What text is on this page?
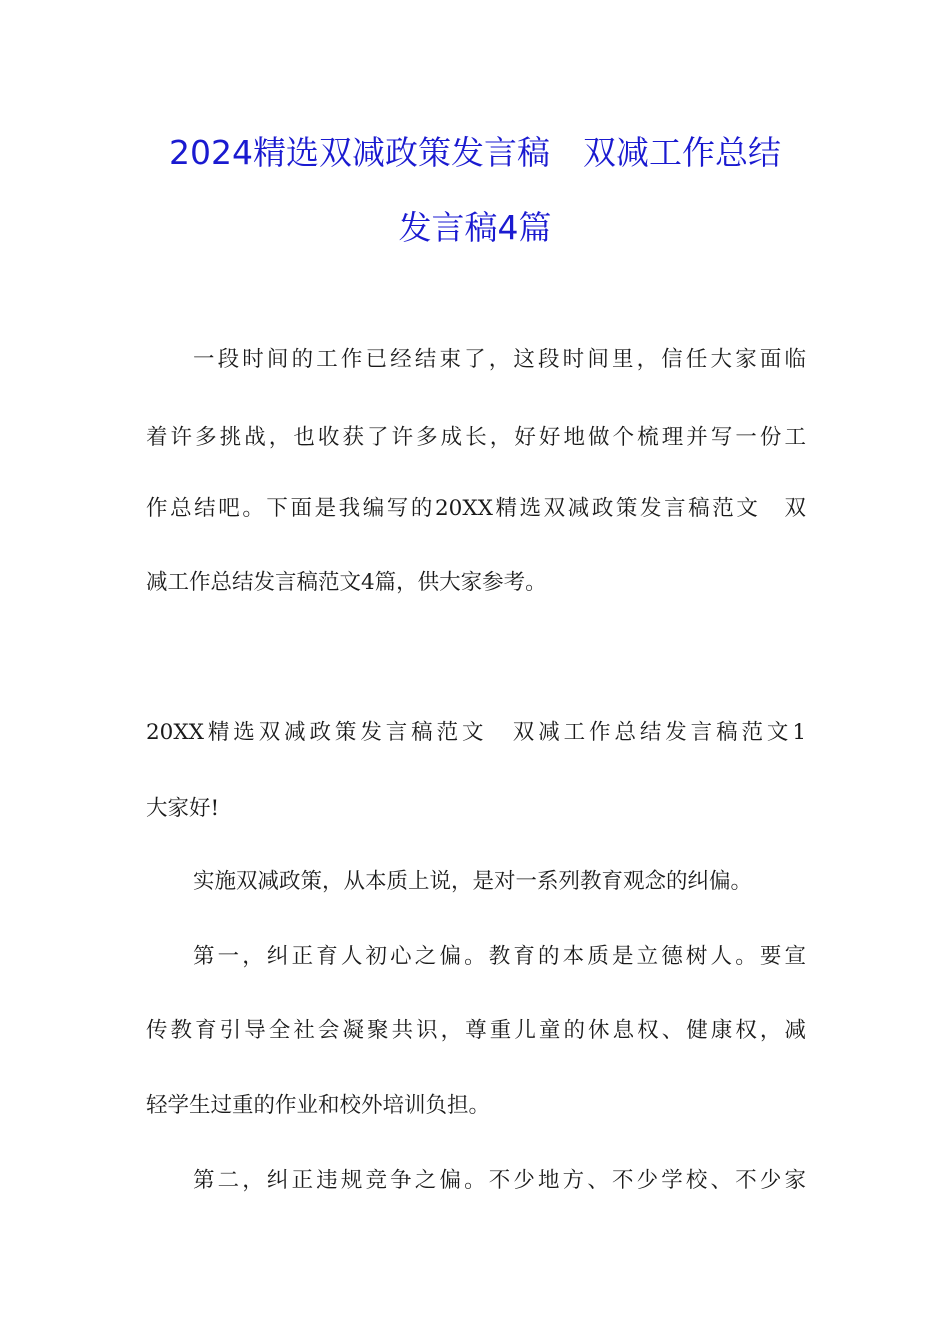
2024精选双减政策发言稿　双减工作总结
发言稿4篇
一段时间的工作已经结束了，这段时间里，信任大家面临
着许多挑战，也收获了许多成长，好好地做个梳理并写一份工
作总结吧。下面是我编写的20XX精选双减政策发言稿范文　双
减工作总结发言稿范文4篇，供大家参考。
20XX精选双减政策发言稿范文　双减工作总结发言稿范文1
大家好!
实施双减政策，从本质上说，是对一系列教育观念的纠偏。
第一，纠正育人初心之偏。教育的本质是立德树人。要宣
传教育引导全社会凝聚共识，尊重儿童的休息权、健康权，减
轻学生过重的作业和校外培训负担。
第二，纠正违规竞争之偏。不少地方、不少学校、不少家
